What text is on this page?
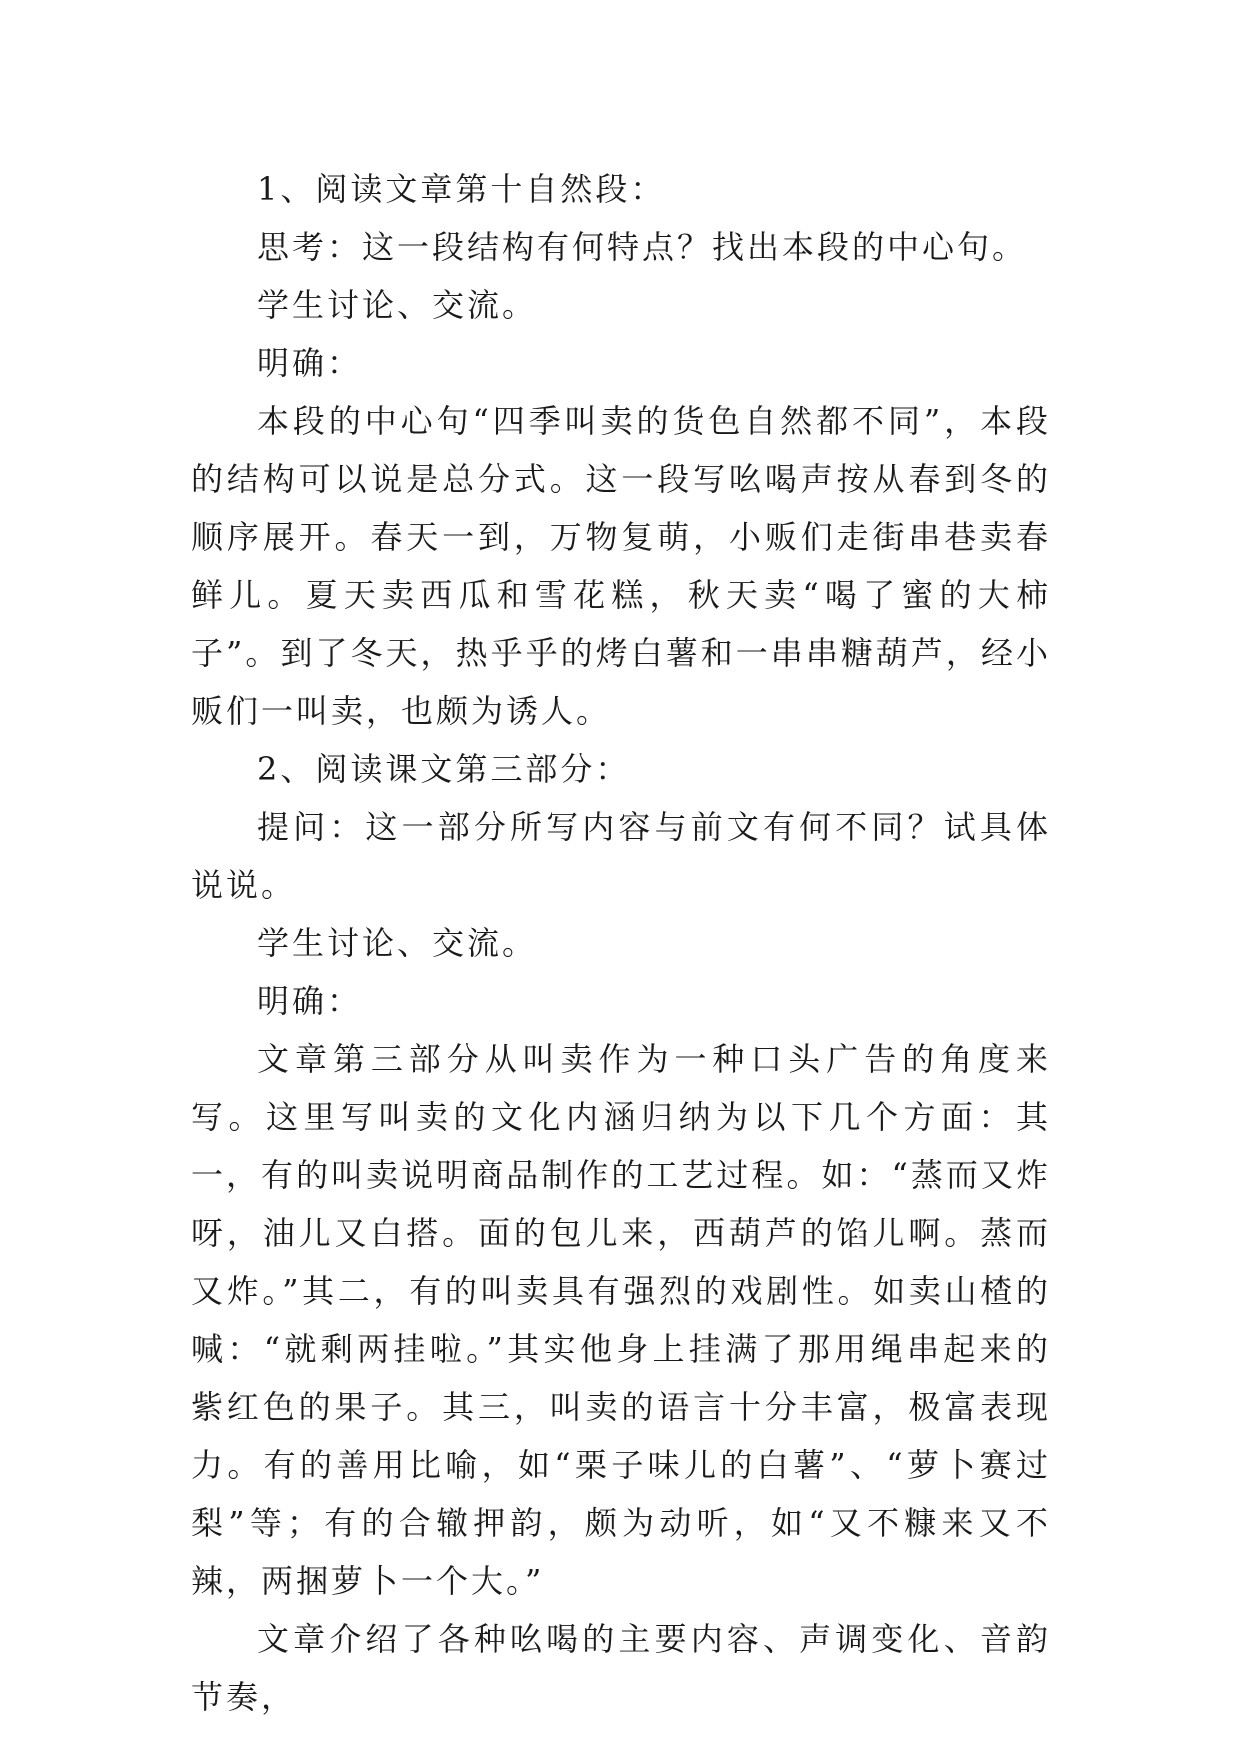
1、阅读文章第十自然段：

思考：这一段结构有何特点？找出本段的中心句。

学生讨论、交流。

明确：

本段的中心句“四季叫卖的货色自然都不同”，本段的结构可以说是总分式。这一段写吆喝声按从春到冬的顺序展开。春天一到，万物复萌，小贩们走街串巷卖春鲜儿。夏天卖西瓜和雪花糕，秋天卖“喝了蜜的大柿子”。到了冬天，热乎乎的烤白薯和一串串糖葫芦，经小贩们一叫卖，也颇为诱人。

2、阅读课文第三部分：

提问：这一部分所写内容与前文有何不同？试具体说说。

学生讨论、交流。

明确：

文章第三部分从叫卖作为一种口头广告的角度来写。这里写叫卖的文化内涵归纳为以下几个方面：其一，有的叫卖说明商品制作的工艺过程。如：“蒸而又炸呀，油儿又白搭。面的包儿来，西葫芦的馅儿啊。蒸而又炸。”其二，有的叫卖具有强烈的戏剧性。如卖山楂的喊：“就剩两挂啦。”其实他身上挂满了那用绳串起来的紫红色的果子。其三，叫卖的语言十分丰富，极富表现力。有的善用比喻，如“栗子味儿的白薯”、“萝卜赛过梨”等；有的合辙押韵，颇为动听，如“又不糠来又不辣，两捆萝卜一个大。”

文章介绍了各种吆喝的主要内容、声调变化、音韵节奏，
